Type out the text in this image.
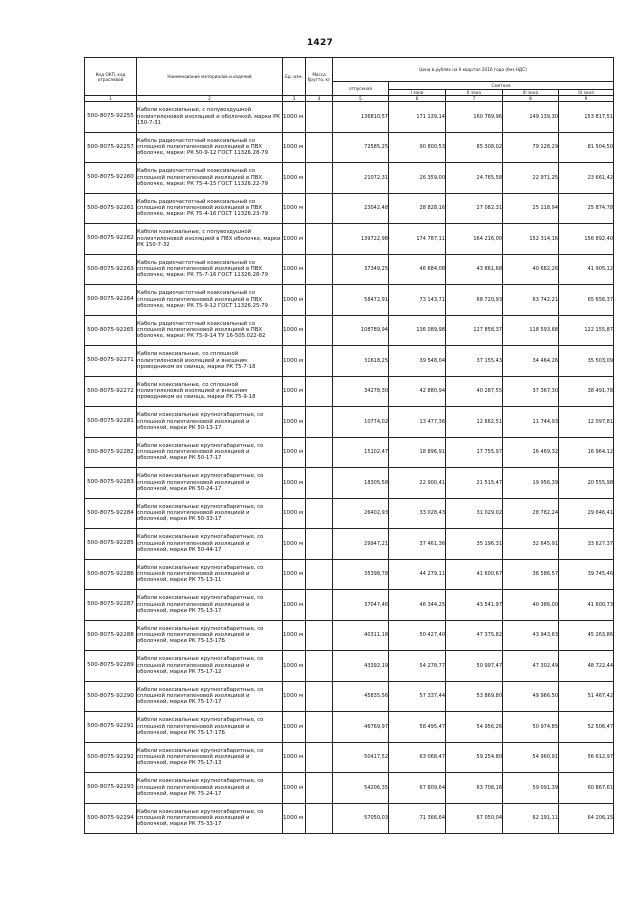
1427
Код ОКП, код отраслевой	Наименование материалов и изделий	Ед. изм.	Масса брутто, кг	Цена в рублях на II квартал 2016 года (без НДС)				
				отпускная	Сметная			
					I зона	II зона	III зона	IV зона
1	2	3	4	5	6	7	8	9
500-8075-92255	Кабели коаксиальные, с полувоздушной полиэтиленовой изоляцией и оболочкой, марки РК 150-7-31	1000 м		136810,57	171 139,14	160 769,96	149 139,30	153 817,51
500-8075-92257	Кабель радиочастотный коаксиальный со сплошной полиэтиленовой изоляцией в ПВХ оболочке, марки: РК 50-9-12 ГОСТ 11326.28-79	1000 м		72585,25	90 800,53	85 308,02	79 128,29	81 504,50
500-8075-92260	Кабель радиочастотный коаксиальный со сплошной полиэтиленовой изоляцией в ПВХ оболочке, марки: РК 75-4-15 ГОСТ 11326.22-79	1000 м		21072,31	26 359,00	24 765,58	22 971,25	23 661,42
500-8075-92261	Кабель радиочастотный коаксиальный со сплошной полиэтиленовой изоляцией в ПВХ оболочке, марки: РК 75-4-16 ГОСТ 11326.23-79	1000 м		23042,48	28 828,16	27 082,31	25 118,94	25 874,78
500-8075-92262	Кабели коаксиальные, с полувоздушной полиэтиленовой изоляцией в ПВХ оболочке, марки РК 150-7-32	1000 м		139722,98	174 787,11	164 216,00	152 314,16	156 892,40
500-8075-92263	Кабель радиочастотный коаксиальный со сплошной полиэтиленовой изоляцией в ПВХ оболочке, марки: РК 75-7-16 ГОСТ 11326.28-79	1000 м		37349,25	46 684,08	43 861,68	40 682,26	41 905,12
500-8075-92264	Кабель радиочастотный коаксиальный со сплошной полиэтиленовой изоляцией в ПВХ оболочке, марки: РК 75-9-12 ГОСТ 11326.25-79	1000 м		58472,91	73 143,71	68 720,93	63 742,21	65 656,37
500-8075-92265	Кабель радиочастотный коаксиальный со сплошной полиэтиленовой изоляцией в ПВХ оболочке, марки: РК 75-9-14 ТУ 16-505.022-82	1000 м		108789,94	136 089,98	127 858,37	118 593,68	122 155,87
500-8075-92271	Кабели коаксиальные, со сплошной полиэтиленовой изоляцией и внешним проводником из свинца, марки РК 75-7-18	1000 м		31618,25	39 548,04	37 155,43	34 464,26	35 503,09
500-8075-92272	Кабели коаксиальные, со сплошной полиэтиленовой изоляцией и внешним проводником из свинца, марки РК 75-9-18	1000 м		34278,30	42 880,94	40 287,55	37 367,30	38 491,78
500-8075-92281	Кабели коаксиальные крупногабаритные, со сплошной полиэтиленовой изоляцией и оболочкой, марки РК 50-13-17	1000 м		10774,02	13 477,36	12 662,51	11 744,93	12 097,81
500-8075-92282	Кабели коаксиальные крупногабаритные, со сплошной полиэтиленовой изоляцией и оболочкой, марки РК 50-17-17	1000 м		15102,47	18 896,91	17 755,97	16 469,32	16 964,12
500-8075-92283	Кабели коаксиальные крупногабаритные, со сплошной полиэтиленовой изоляцией и оболочкой, марки РК 50-24-17	1000 м		18305,58	22 900,41	21 515,47	19 956,39	20 555,98
500-8075-92284	Кабели коаксиальные крупногабаритные, со сплошной полиэтиленовой изоляцией и оболочкой, марки РК 50-33-17	1000 м		26402,93	33 028,43	31 029,02	28 782,24	29 646,41
500-8075-92285	Кабели коаксиальные крупногабаритные, со сплошной полиэтиленовой изоляцией и оболочкой, марки РК 50-44-17	1000 м		29947,21	37 461,36	35 196,31	32 645,91	33 627,37
500-8075-92286	Кабели коаксиальные крупногабаритные, со сплошной полиэтиленовой изоляцией и оболочкой, марки РК 75-13-11	1000 м		35398,78	44 279,11	41 600,67	38 586,57	39 745,46
500-8075-92287	Кабели коаксиальные крупногабаритные, со сплошной полиэтиленовой изоляцией и оболочкой, марки РК 75-13-17	1000 м		37047,46	46 344,25	43 541,97	40 386,00	41 600,73
500-8075-92288	Кабели коаксиальные крупногабаритные, со сплошной полиэтиленовой изоляцией и оболочкой, марки РК 75-13-17Б	1000 м		40311,18	50 427,40	47 375,82	43 943,63	45 263,86
500-8075-92289	Кабели коаксиальные крупногабаритные, со сплошной полиэтиленовой изоляцией и оболочкой, марки РК 75-17-12	1000 м		43392,19	54 278,77	50 997,47	47 302,49	48 722,44
500-8075-92290	Кабели коаксиальные крупногабаритные, со сплошной полиэтиленовой изоляцией и оболочкой, марки РК 75-17-17	1000 м		45835,56	57 337,44	53 869,80	49 966,50	51 467,42
500-8075-92291	Кабели коаксиальные крупногабаритные, со сплошной полиэтиленовой изоляцией и оболочкой, марки РК 75-17-17Б	1000 м		46769,97	58 495,47	54 956,26	50 974,85	52 506,47
500-8075-92292	Кабели коаксиальные крупногабаритные, со сплошной полиэтиленовой изоляцией и оболочкой, марки РК 75-17-13	1000 м		50417,52	63 068,47	59 254,80	54 960,91	56 612,97
500-8075-92293	Кабели коаксиальные крупногабаритные, со сплошной полиэтиленовой изоляцией и оболочкой, марки РК 75-24-17	1000 м		54206,35	67 809,64	63 708,16	59 091,39	60 867,61
500-8075-92294	Кабели коаксиальные крупногабаритные, со сплошной полиэтиленовой изоляцией и оболочкой, марки РК 75-33-17	1000 м		57050,03	71 366,64	67 050,04	62 191,11	64 206,15
